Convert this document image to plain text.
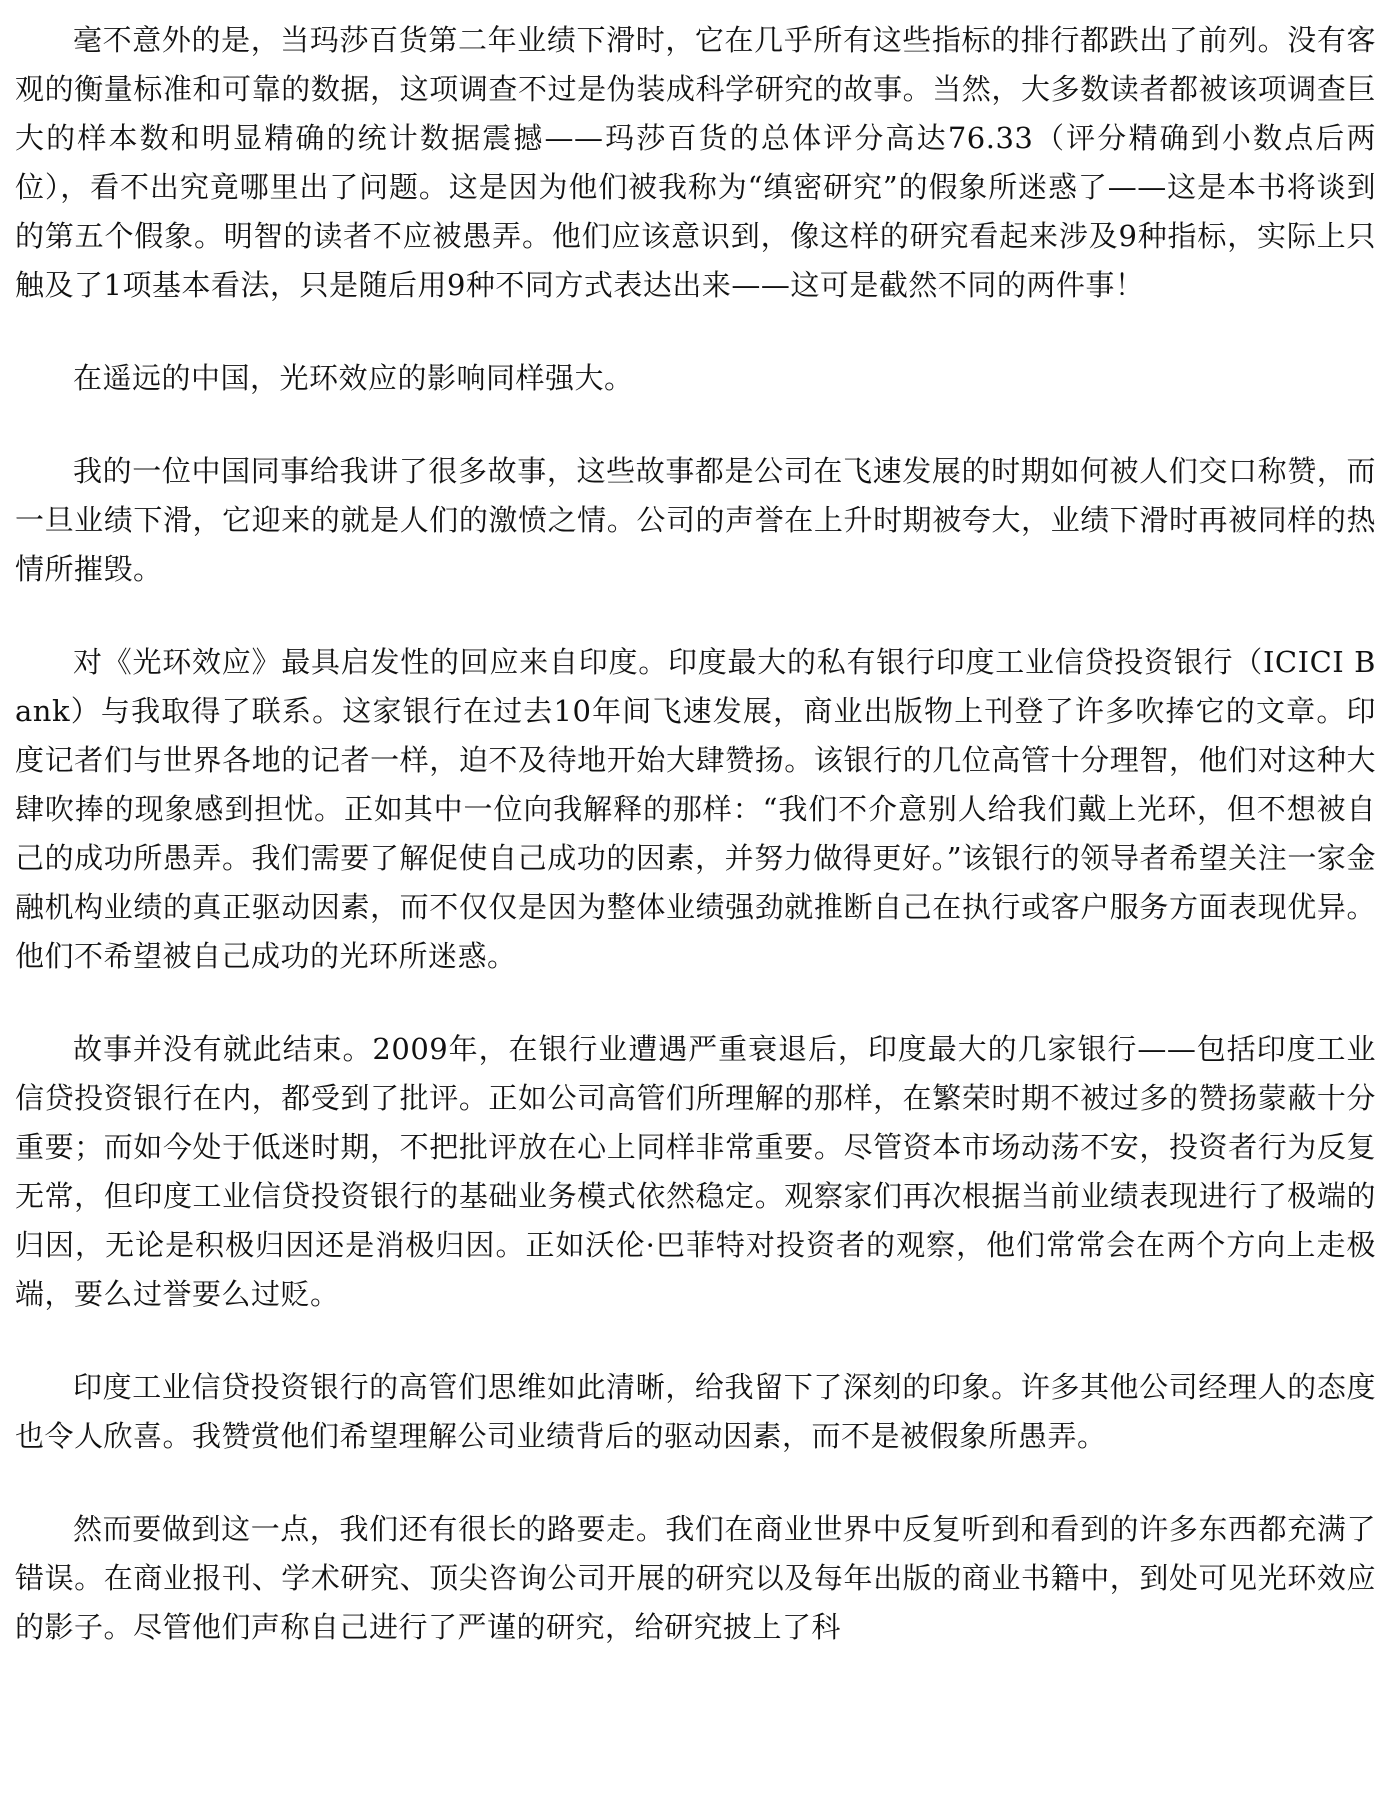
毫不意外的是，当玛莎百货第二年业绩下滑时，它在几乎所有这些指标的排行都跌出了前列。没有客观的衡量标准和可靠的数据，这项调查不过是伪装成科学研究的故事。当然，大多数读者都被该项调查巨大的样本数和明显精确的统计数据震撼——玛莎百货的总体评分高达76.33（评分精确到小数点后两位），看不出究竟哪里出了问题。这是因为他们被我称为“缜密研究”的假象所迷惑了——这是本书将谈到的第五个假象。明智的读者不应被愚弄。他们应该意识到，像这样的研究看起来涉及9种指标，实际上只触及了1项基本看法，只是随后用9种不同方式表达出来——这可是截然不同的两件事！

在遥远的中国，光环效应的影响同样强大。

我的一位中国同事给我讲了很多故事，这些故事都是公司在飞速发展的时期如何被人们交口称赞，而一旦业绩下滑，它迎来的就是人们的激愤之情。公司的声誉在上升时期被夸大，业绩下滑时再被同样的热情所摧毁。

对《光环效应》最具启发性的回应来自印度。印度最大的私有银行印度工业信贷投资银行（ICICI Bank）与我取得了联系。这家银行在过去10年间飞速发展，商业出版物上刊登了许多吹捧它的文章。印度记者们与世界各地的记者一样，迫不及待地开始大肆赞扬。该银行的几位高管十分理智，他们对这种大肆吹捧的现象感到担忧。正如其中一位向我解释的那样：“我们不介意别人给我们戴上光环，但不想被自己的成功所愚弄。我们需要了解促使自己成功的因素，并努力做得更好。”该银行的领导者希望关注一家金融机构业绩的真正驱动因素，而不仅仅是因为整体业绩强劲就推断自己在执行或客户服务方面表现优异。他们不希望被自己成功的光环所迷惑。

故事并没有就此结束。2009年，在银行业遭遇严重衰退后，印度最大的几家银行——包括印度工业信贷投资银行在内，都受到了批评。正如公司高管们所理解的那样，在繁荣时期不被过多的赞扬蒙蔽十分重要；而如今处于低迷时期，不把批评放在心上同样非常重要。尽管资本市场动荡不安，投资者行为反复无常，但印度工业信贷投资银行的基础业务模式依然稳定。观察家们再次根据当前业绩表现进行了极端的归因，无论是积极归因还是消极归因。正如沃伦·巴菲特对投资者的观察，他们常常会在两个方向上走极端，要么过誉要么过贬。

印度工业信贷投资银行的高管们思维如此清晰，给我留下了深刻的印象。许多其他公司经理人的态度也令人欣喜。我赞赏他们希望理解公司业绩背后的驱动因素，而不是被假象所愚弄。

然而要做到这一点，我们还有很长的路要走。我们在商业世界中反复听到和看到的许多东西都充满了错误。在商业报刊、学术研究、顶尖咨询公司开展的研究以及每年出版的商业书籍中，到处可见光环效应的影子。尽管他们声称自己进行了严谨的研究，给研究披上了科
